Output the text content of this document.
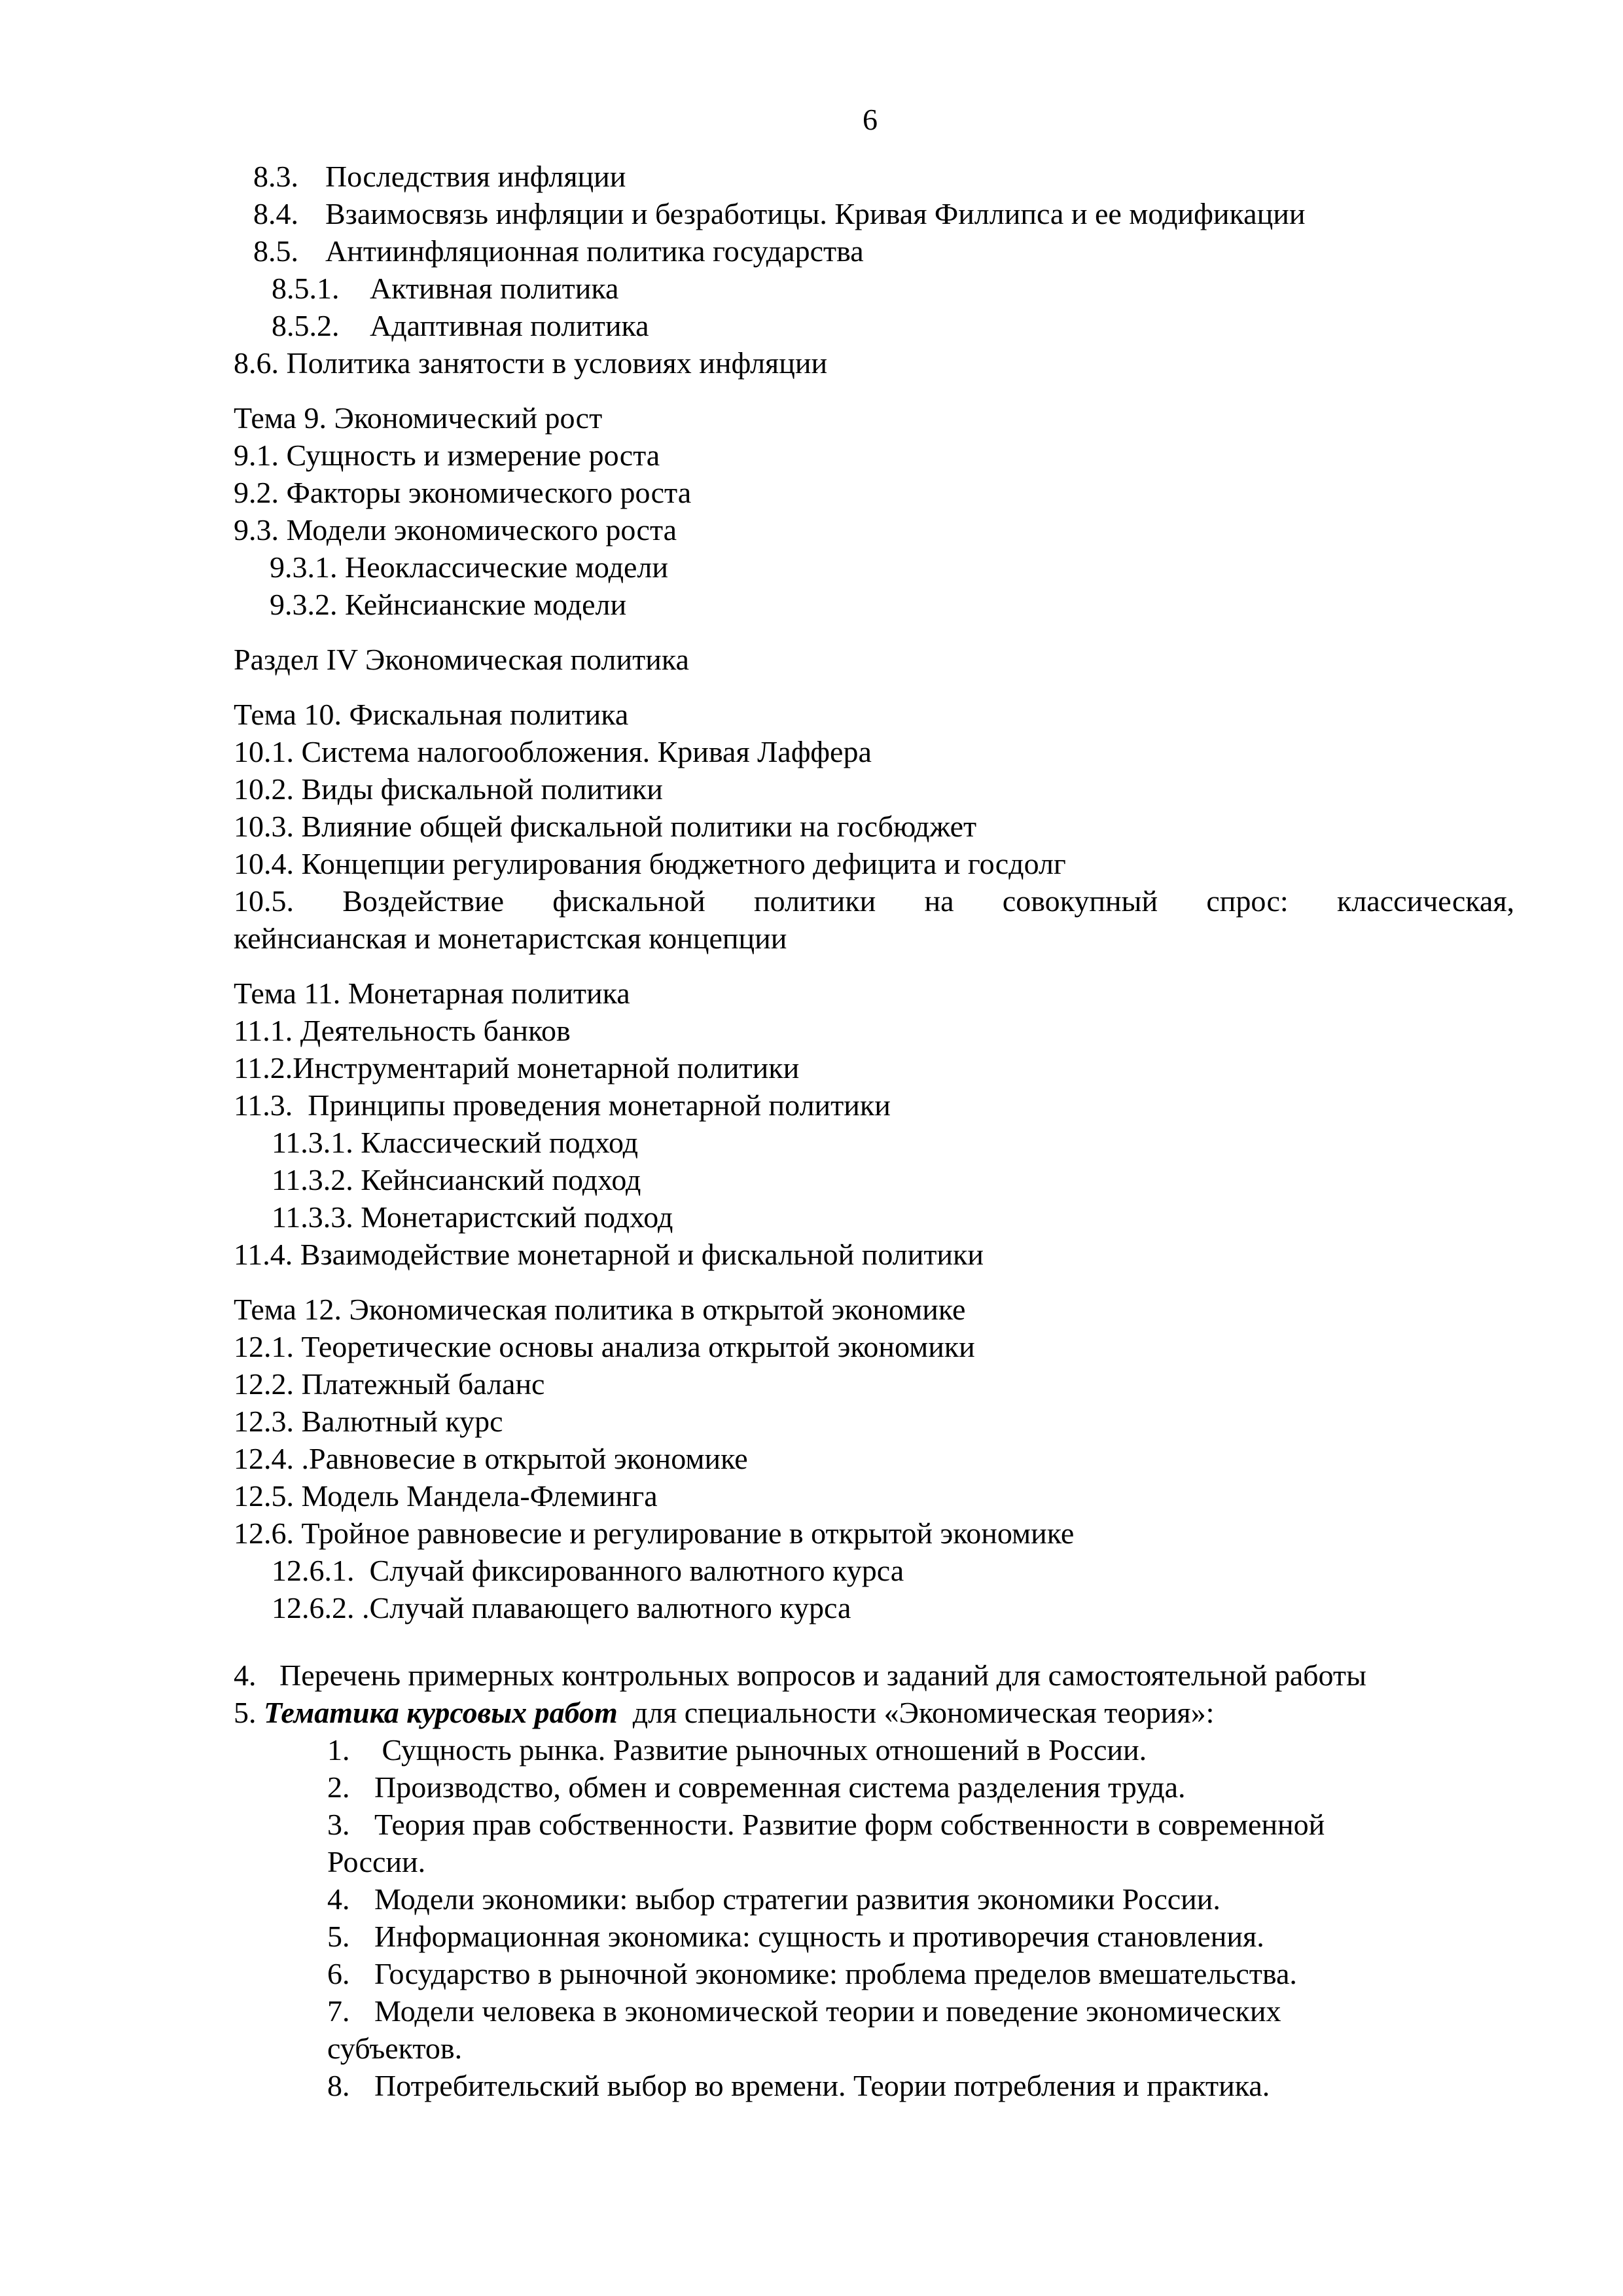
6
8.3. Последствия инфляции
8.4. Взаимосвязь инфляции и безработицы. Кривая Филлипса и ее модификации
8.5. Антиинфляционная политика государства
8.5.1. Активная политика
8.5.2. Адаптивная политика
8.6. Политика занятости в условиях инфляции
Тема 9. Экономический рост
9.1. Сущность и измерение роста
9.2. Факторы экономического роста
9.3. Модели экономического роста
9.3.1. Неоклассические модели
9.3.2. Кейнсианские модели
Раздел IV Экономическая политика
Тема 10. Фискальная политика
10.1. Система налогообложения. Кривая Лаффера
10.2. Виды фискальной политики
10.3. Влияние общей фискальной политики на госбюджет
10.4. Концепции регулирования бюджетного дефицита и госдолг
10.5. Воздействие фискальной политики на совокупный спрос: классическая,
кейнсианская и монетаристская концепции
Тема 11. Монетарная политика
11.1. Деятельность банков
11.2.Инструментарий монетарной политики
11.3.  Принципы проведения монетарной политики
11.3.1. Классический подход
11.3.2. Кейнсианский подход
11.3.3. Монетаристский подход
11.4. Взаимодействие монетарной и фискальной политики
Тема 12. Экономическая политика в открытой экономике
12.1. Теоретические основы анализа открытой экономики
12.2. Платежный баланс
12.3. Валютный курс
12.4. .Равновесие в открытой экономике
12.5. Модель Мандела-Флеминга
12.6. Тройное равновесие и регулирование в открытой экономике
12.6.1.  Случай фиксированного валютного курса
12.6.2. .Случай плавающего валютного курса
4. Перечень примерных контрольных вопросов и заданий для самостоятельной работы
5. Тематика курсовых работ  для специальности «Экономическая теория»:
1. Сущность рынка. Развитие рыночных отношений в России.
2. Производство, обмен и современная система разделения труда.
3. Теория прав собственности. Развитие форм собственности в современной
России.
4. Модели экономики: выбор стратегии развития экономики России.
5. Информационная экономика: сущность и противоречия становления.
6. Государство в рыночной экономике: проблема пределов вмешательства.
7. Модели человека в экономической теории и поведение экономических
субъектов.
8. Потребительский выбор во времени. Теории потребления и практика.
